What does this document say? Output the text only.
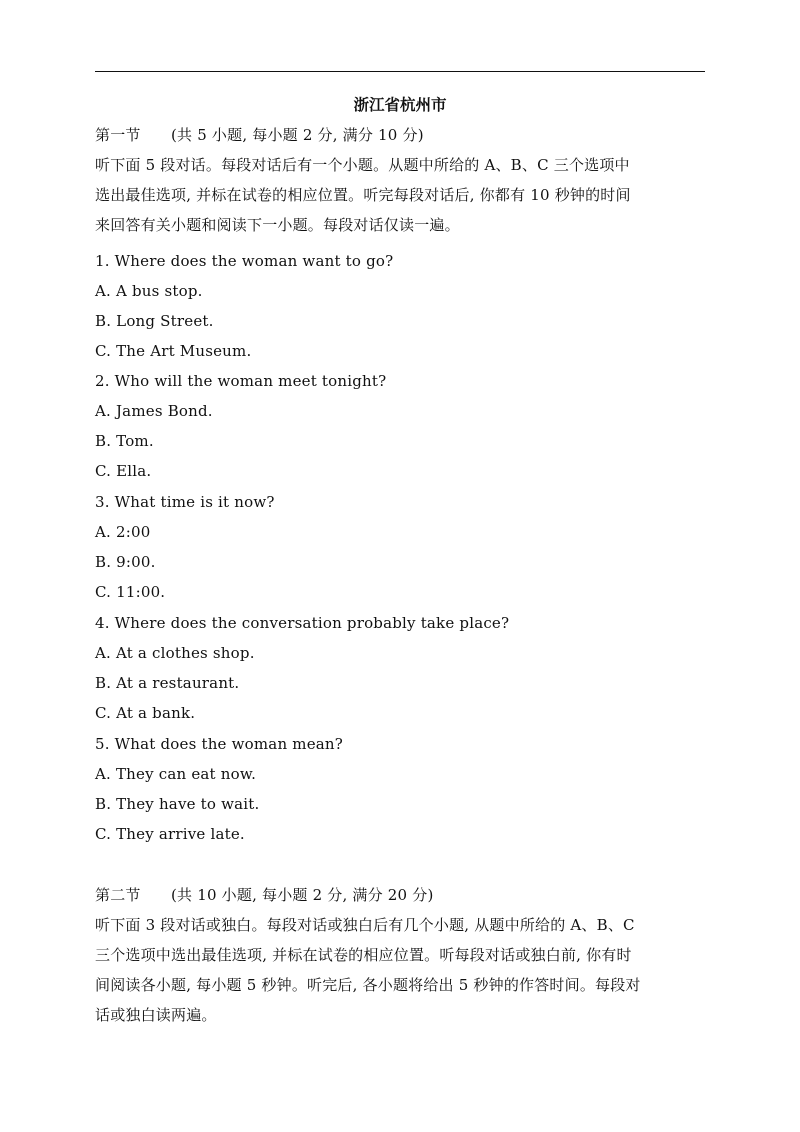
浙江省杭州市
第一节 (共 5 小题, 每小题 2 分, 满分 10 分)
听下面 5 段对话。每段对话后有一个小题。从题中所给的 A、B、C 三个选项中
选出最佳选项, 并标在试卷的相应位置。听完每段对话后, 你都有 10 秒钟的时间
来回答有关小题和阅读下一小题。每段对话仅读一遍。
1. Where does the woman want to go?
A. A bus stop.
B. Long Street.
C. The Art Museum.
2. Who will the woman meet tonight?
A. James Bond.
B. Tom.
C. Ella.
3. What time is it now?
A. 2:00
B. 9:00.
C. 11:00.
4. Where does the conversation probably take place?
A. At a clothes shop.
B. At a restaurant.
C. At a bank.
5. What does the woman mean?
A. They can eat now.
B. They have to wait.
C. They arrive late.
第二节 (共 10 小题, 每小题 2 分, 满分 20 分)
听下面 3 段对话或独白。每段对话或独白后有几个小题, 从题中所给的 A、B、C
三个选项中选出最佳选项, 并标在试卷的相应位置。听每段对话或独白前, 你有时
间阅读各小题, 每小题 5 秒钟。听完后, 各小题将给出 5 秒钟的作答时间。每段对
话或独白读两遍。
